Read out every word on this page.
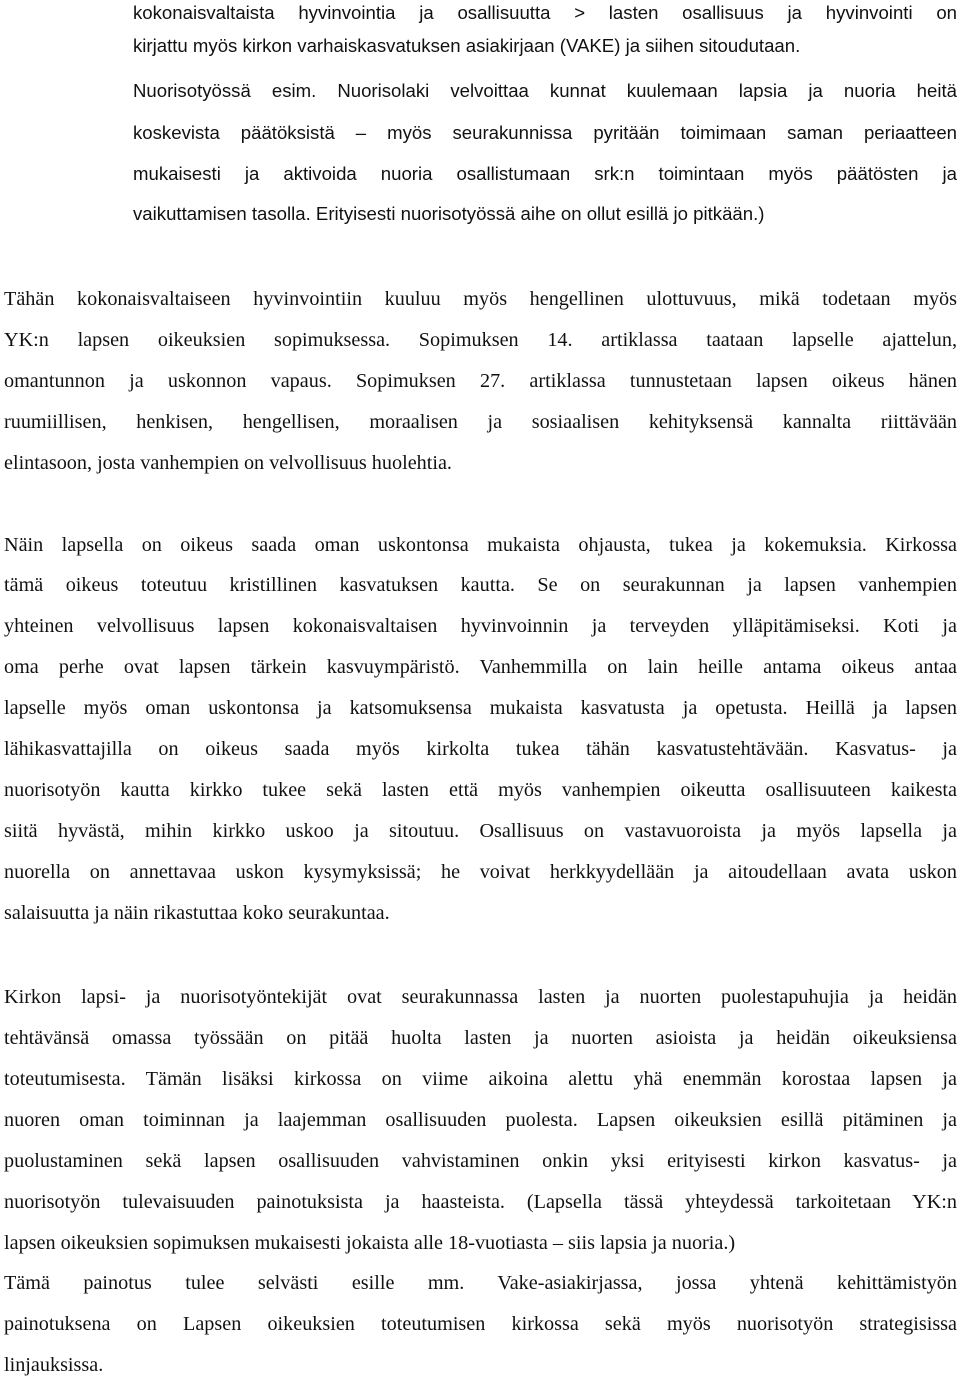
kokonaisvaltaista hyvinvointia ja osallisuutta > lasten osallisuus ja hyvinvointi on
kirjattu myös kirkon varhaiskasvatuksen asiakirjaan (VAKE) ja siihen sitoudutaan.
Nuorisotyössä esim. Nuorisolaki velvoittaa kunnat kuulemaan lapsia ja nuoria heitä
koskevista päätöksistä – myös seurakunnissa pyritään toimimaan saman periaatteen
mukaisesti ja aktivoida nuoria osallistumaan srk:n toimintaan myös päätösten ja
vaikuttamisen tasolla. Erityisesti nuorisotyössä aihe on ollut esillä jo pitkään.)
Tähän kokonaisvaltaiseen hyvinvointiin kuuluu myös hengellinen ulottuvuus, mikä todetaan myös
YK:n lapsen oikeuksien sopimuksessa. Sopimuksen 14. artiklassa taataan lapselle ajattelun,
omantunnon ja uskonnon vapaus. Sopimuksen 27. artiklassa tunnustetaan lapsen oikeus hänen
ruumiillisen, henkisen, hengellisen, moraalisen ja sosiaalisen kehityksensä kannalta riittävään
elintasoon, josta vanhempien on velvollisuus huolehtia.
Näin lapsella on oikeus saada oman uskontonsa mukaista ohjausta, tukea ja kokemuksia. Kirkossa
tämä oikeus toteutuu kristillinen kasvatuksen kautta. Se on seurakunnan ja lapsen vanhempien
yhteinen velvollisuus lapsen kokonaisvaltaisen hyvinvoinnin ja terveyden ylläpitämiseksi. Koti ja
oma perhe ovat lapsen tärkein kasvuympäristö. Vanhemmilla on lain heille antama oikeus antaa
lapselle myös oman uskontonsa ja katsomuksensa mukaista kasvatusta ja opetusta. Heillä ja lapsen
lähikasvattajilla on oikeus saada myös kirkolta tukea tähän kasvatustehtävään. Kasvatus- ja
nuorisotyön kautta kirkko tukee sekä lasten että myös vanhempien oikeutta osallisuuteen kaikesta
siitä hyvästä, mihin kirkko uskoo ja sitoutuu. Osallisuus on vastavuoroista ja myös lapsella ja
nuorella on annettavaa uskon kysymyksissä; he voivat herkkyydellään ja aitoudellaan avata uskon
salaisuutta ja näin rikastuttaa koko seurakuntaa.
Kirkon lapsi- ja nuorisotyöntekijät ovat seurakunnassa lasten ja nuorten puolestapuhujia ja heidän
tehtävänsä omassa työssään on pitää huolta lasten ja nuorten asioista ja heidän oikeuksiensa
toteutumisesta. Tämän lisäksi kirkossa on viime aikoina alettu yhä enemmän korostaa lapsen ja
nuoren oman toiminnan ja laajemman osallisuuden puolesta. Lapsen oikeuksien esillä pitäminen ja
puolustaminen sekä lapsen osallisuuden vahvistaminen onkin yksi erityisesti kirkon kasvatus- ja
nuorisotyön tulevaisuuden painotuksista ja haasteista. (Lapsella tässä yhteydessä tarkoitetaan YK:n
lapsen oikeuksien sopimuksen mukaisesti jokaista alle 18-vuotiasta – siis lapsia ja nuoria.)
Tämä painotus tulee selvästi esille mm. Vake-asiakirjassa, jossa yhtenä kehittämistyön
painotuksena on Lapsen oikeuksien toteutumisen kirkossa sekä myös nuorisotyön strategisissa
linjauksissa.
